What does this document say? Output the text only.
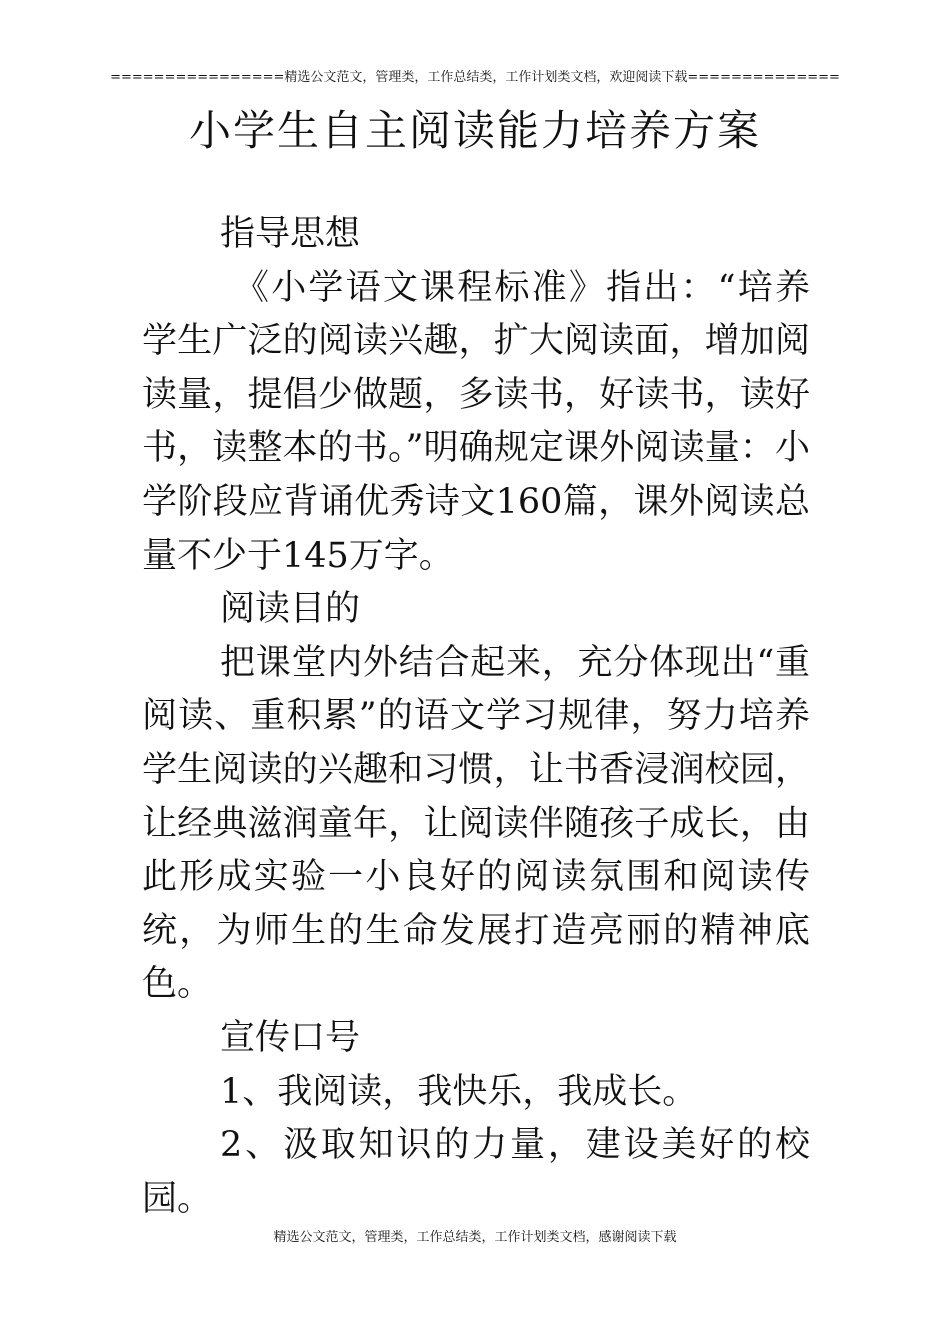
================精选公文范文，管理类，工作总结类，工作计划类文档，欢迎阅读下载==============
小学生自主阅读能力培养方案
指导思想

《小学语文课程标准》指出：“培养学生广泛的阅读兴趣，扩大阅读面，增加阅读量，提倡少做题，多读书，好读书，读好书，读整本的书。”明确规定课外阅读量：小学阶段应背诵优秀诗文160篇，课外阅读总量不少于145万字。

阅读目的

把课堂内外结合起来，充分体现出“重阅读、重积累”的语文学习规律，努力培养学生阅读的兴趣和习惯，让书香浸润校园，让经典滋润童年，让阅读伴随孩子成长，由此形成实验一小良好的阅读氛围和阅读传统，为师生的生命发展打造亮丽的精神底色。

宣传口号

1、我阅读，我快乐，我成长。

2、汲取知识的力量，建设美好的校园。

精选公文范文，管理类，工作总结类，工作计划类文档，感谢阅读下载
